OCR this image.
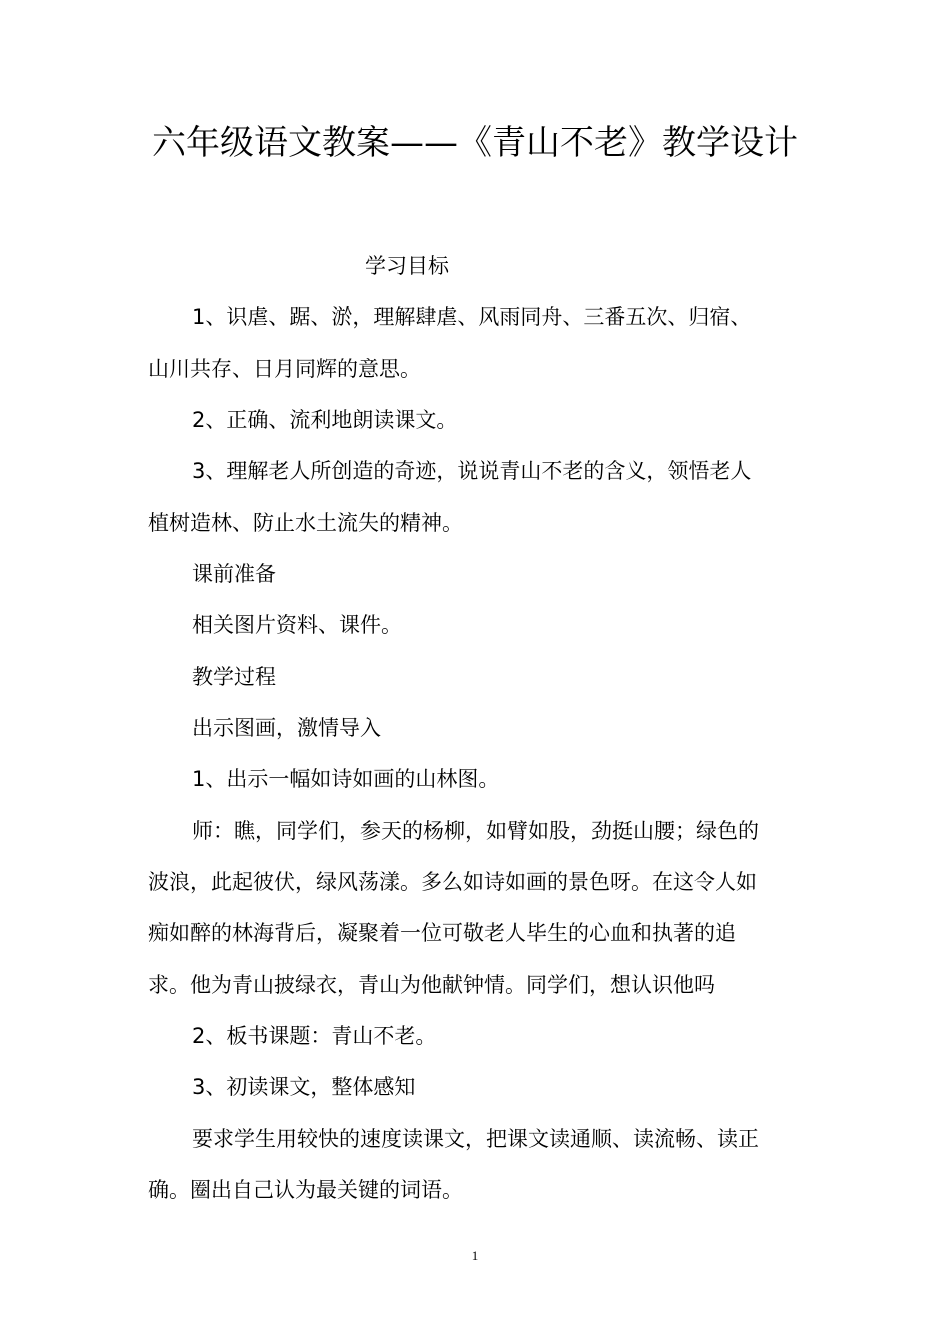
六年级语文教案——《青山不老》教学设计
学习目标
1、识虐、踞、淤，理解肆虐、风雨同舟、三番五次、归宿、
山川共存、日月同辉的意思。
2、正确、流利地朗读课文。
3、理解老人所创造的奇迹，说说青山不老的含义，领悟老人
植树造林、防止水土流失的精神。
课前准备
相关图片资料、课件。
教学过程
出示图画，激情导入
1、出示一幅如诗如画的山林图。
师：瞧，同学们，参天的杨柳，如臂如股，劲挺山腰；绿色的
波浪，此起彼伏，绿风荡漾。多么如诗如画的景色呀。在这令人如
痴如醉的林海背后，凝聚着一位可敬老人毕生的心血和执著的追
求。他为青山披绿衣，青山为他献钟情。同学们，想认识他吗
2、板书课题：青山不老。
3、初读课文，整体感知
要求学生用较快的速度读课文，把课文读通顺、读流畅、读正
确。圈出自己认为最关键的词语。
1
